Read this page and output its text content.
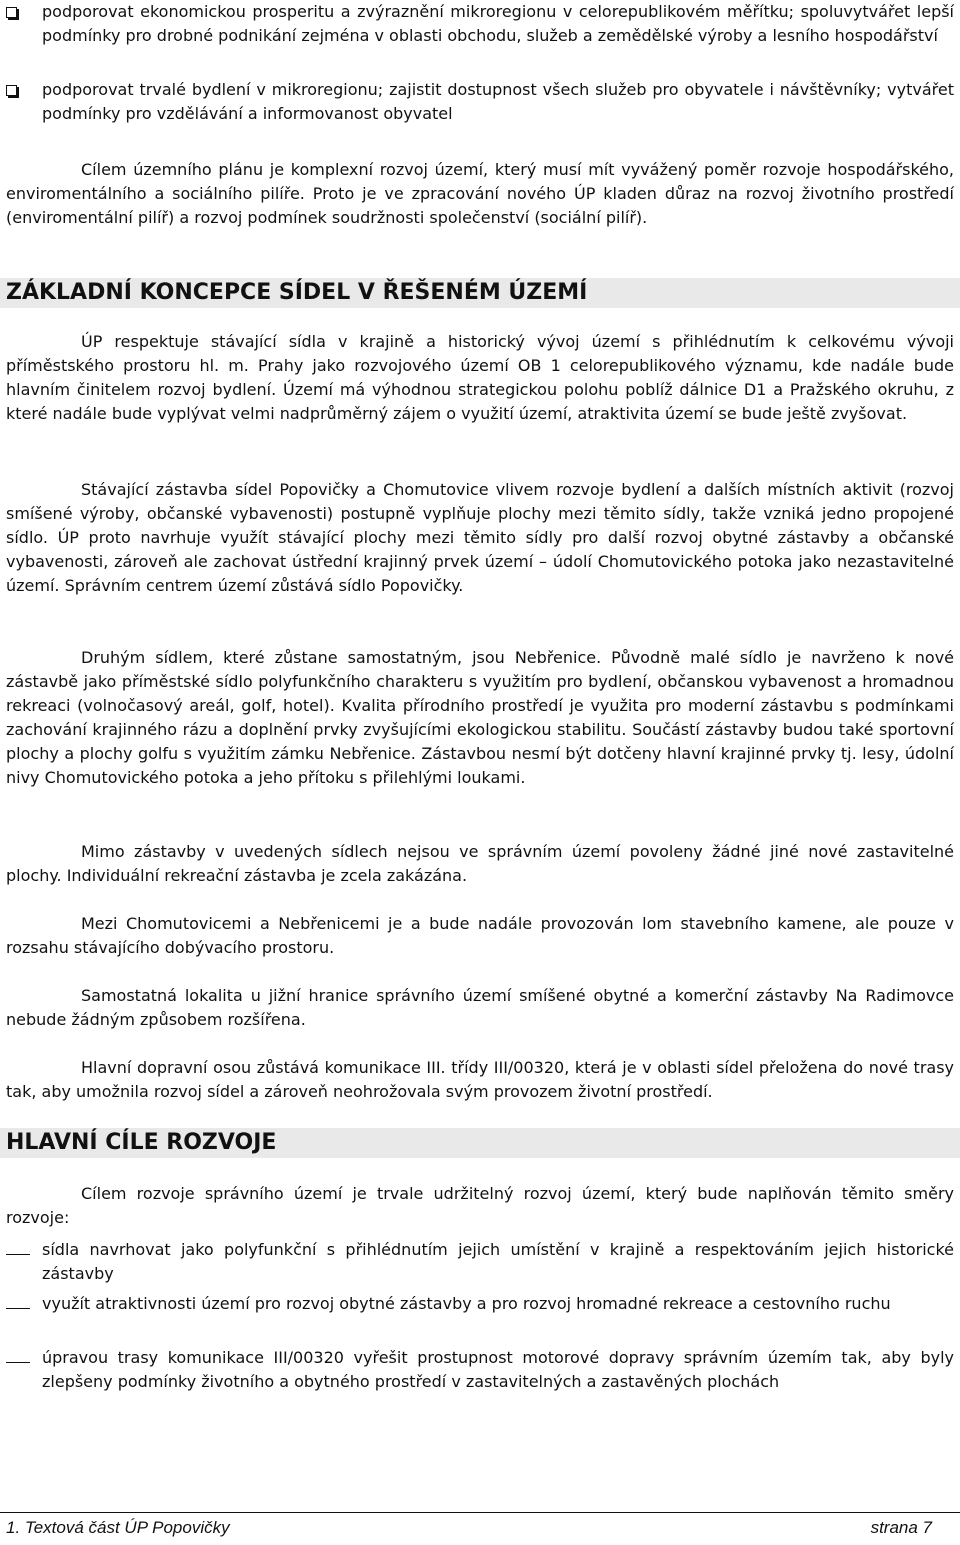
podporovat ekonomickou prosperitu a zvýraznění mikroregionu v celorepublikovém měřítku; spoluvytvářet lepší podmínky pro drobné podnikání zejména v oblasti obchodu, služeb a zemědělské výroby a lesního hospodářství
podporovat trvalé bydlení v mikroregionu; zajistit dostupnost všech služeb pro obyvatele i návštěvníky; vytvářet podmínky pro vzdělávání a informovanost obyvatel

Cílem územního plánu je komplexní rozvoj území, který musí mít vyvážený poměr rozvoje hospodářského, enviromentálního a sociálního pilíře. Proto je ve zpracování nového ÚP kladen důraz na rozvoj životního prostředí (enviromentální pilíř) a rozvoj podmínek soudržnosti společenství (sociální pilíř).

ZÁKLADNÍ KONCEPCE SÍDEL V ŘEŠENÉM ÚZEMÍ

ÚP respektuje stávající sídla v krajině a historický vývoj území s přihlédnutím k celkovému vývoji příměstského prostoru hl. m. Prahy jako rozvojového území OB 1 celorepublikového významu, kde nadále bude hlavním činitelem rozvoj bydlení. Území má výhodnou strategickou polohu poblíž dálnice D1 a Pražského okruhu, z které nadále bude vyplývat velmi nadprůměrný zájem o využití území, atraktivita území se bude ještě zvyšovat.

Stávající zástavba sídel Popovičky a Chomutovice vlivem rozvoje bydlení a dalších místních aktivit (rozvoj smíšené výroby, občanské vybavenosti) postupně vyplňuje plochy mezi těmito sídly, takže vzniká jedno propojené sídlo. ÚP proto navrhuje využít stávající plochy mezi těmito sídly pro další rozvoj obytné zástavby a občanské vybavenosti, zároveň ale zachovat ústřední krajinný prvek území – údolí Chomutovického potoka jako nezastavitelné území. Správním centrem území zůstává sídlo Popovičky.

Druhým sídlem, které zůstane samostatným, jsou Nebřenice. Původně malé sídlo je navrženo k nové zástavbě jako příměstské sídlo polyfunkčního charakteru s využitím pro bydlení, občanskou vybavenost a hromadnou rekreaci (volnočasový areál, golf, hotel). Kvalita přírodního prostředí je využita pro moderní zástavbu s podmínkami zachování krajinného rázu a doplnění prvky zvyšujícími ekologickou stabilitu. Součástí zástavby budou také sportovní plochy a plochy golfu s využitím zámku Nebřenice. Zástavbou nesmí být dotčeny hlavní krajinné prvky tj. lesy, údolní nivy Chomutovického potoka a jeho přítoku s přilehlými loukami.

Mimo zástavby v uvedených sídlech nejsou ve správním území povoleny žádné jiné nové zastavitelné plochy. Individuální rekreační zástavba je zcela zakázána.

Mezi Chomutovicemi a Nebřenicemi je a bude nadále provozován lom stavebního kamene, ale pouze v rozsahu stávajícího dobývacího prostoru.

Samostatná lokalita u jižní hranice správního území smíšené obytné a komerční zástavby Na Radimovce nebude žádným způsobem rozšířena.

Hlavní dopravní osou zůstává komunikace III. třídy III/00320, která je v oblasti sídel přeložena do nové trasy tak, aby umožnila rozvoj sídel a zároveň neohrožovala svým provozem životní prostředí.

HLAVNÍ CÍLE ROZVOJE

Cílem rozvoje správního území je trvale udržitelný rozvoj území, který bude naplňován těmito směry rozvoje:

sídla navrhovat jako polyfunkční s přihlédnutím jejich umístění v krajině a respektováním jejich historické zástavby
využít atraktivnosti území pro rozvoj obytné zástavby a pro rozvoj hromadné rekreace a cestovního ruchu
úpravou trasy komunikace III/00320 vyřešit prostupnost motorové dopravy správním územím tak, aby byly zlepšeny podmínky životního a obytného prostředí v zastavitelných a zastavěných plochách
1. Textová část ÚP Popovičky	strana 7
